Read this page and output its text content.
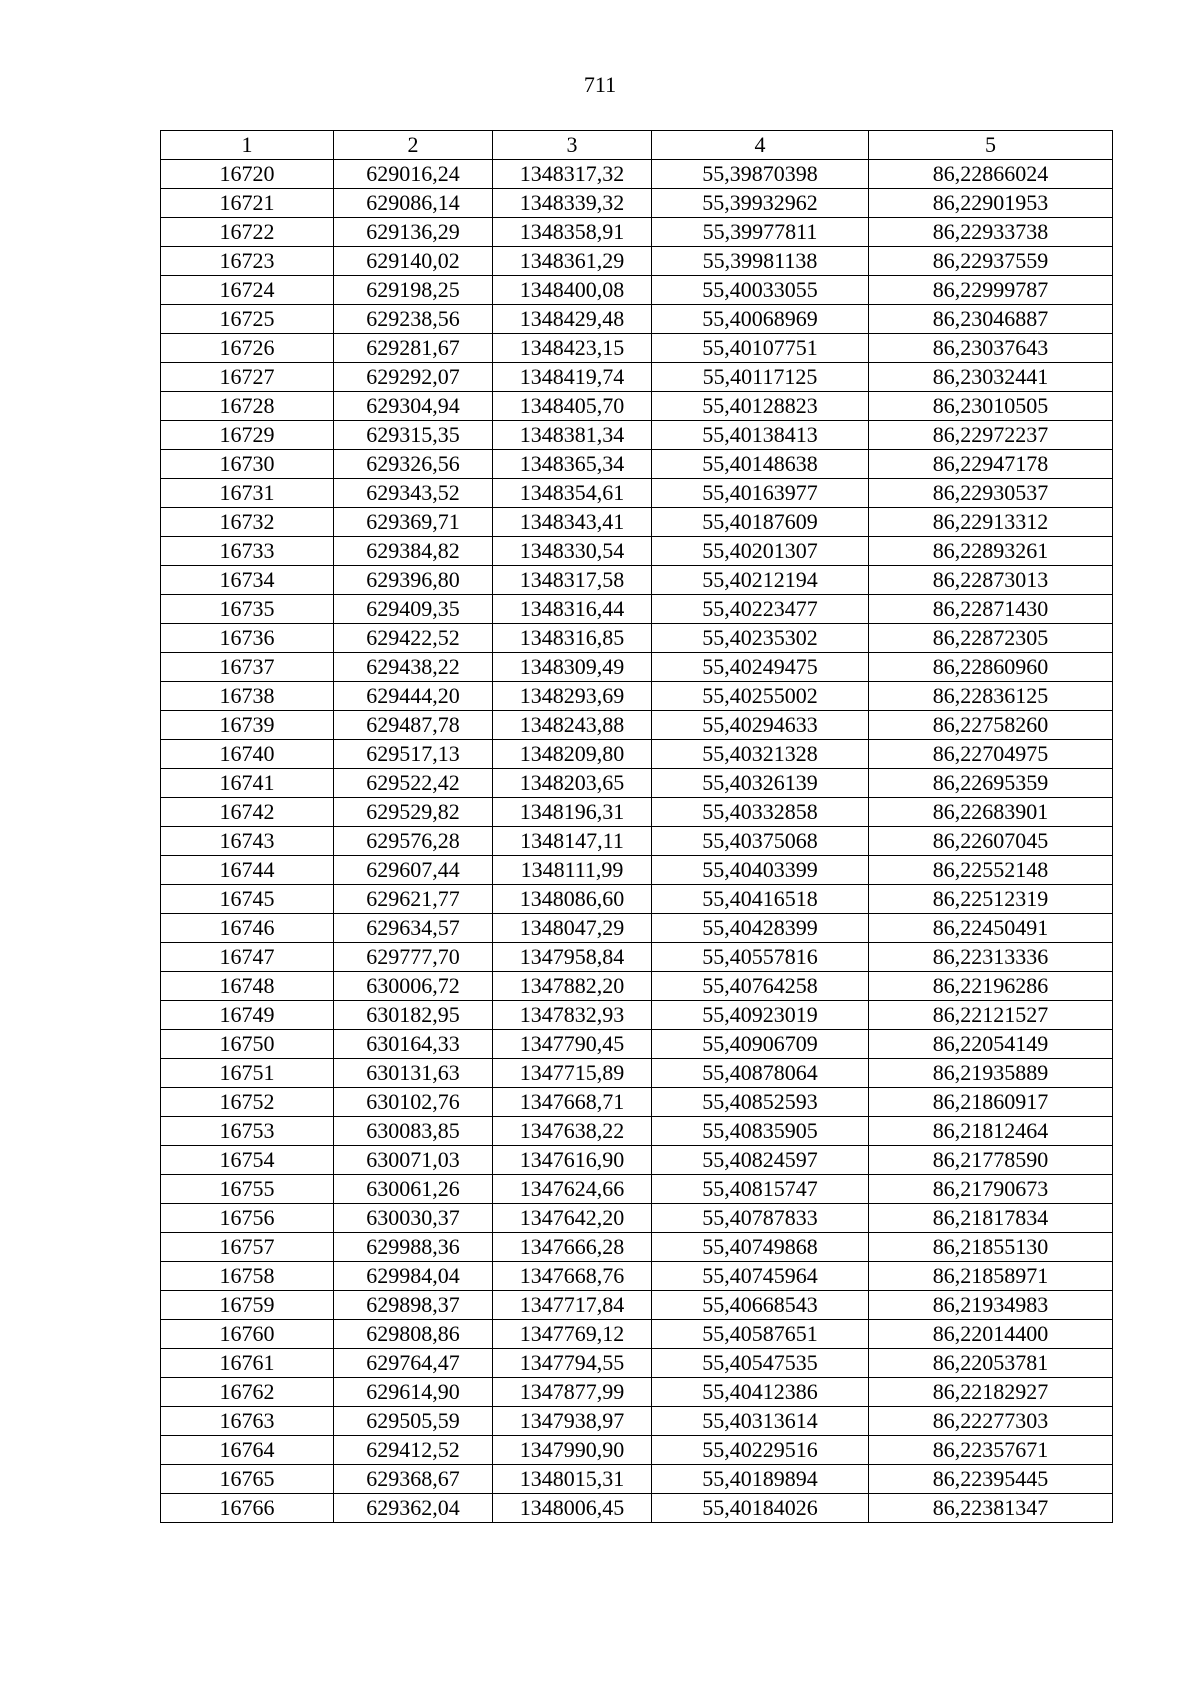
711
1	2	3	4	5
16720	629016,24	1348317,32	55,39870398	86,22866024
16721	629086,14	1348339,32	55,39932962	86,22901953
16722	629136,29	1348358,91	55,39977811	86,22933738
16723	629140,02	1348361,29	55,39981138	86,22937559
16724	629198,25	1348400,08	55,40033055	86,22999787
16725	629238,56	1348429,48	55,40068969	86,23046887
16726	629281,67	1348423,15	55,40107751	86,23037643
16727	629292,07	1348419,74	55,40117125	86,23032441
16728	629304,94	1348405,70	55,40128823	86,23010505
16729	629315,35	1348381,34	55,40138413	86,22972237
16730	629326,56	1348365,34	55,40148638	86,22947178
16731	629343,52	1348354,61	55,40163977	86,22930537
16732	629369,71	1348343,41	55,40187609	86,22913312
16733	629384,82	1348330,54	55,40201307	86,22893261
16734	629396,80	1348317,58	55,40212194	86,22873013
16735	629409,35	1348316,44	55,40223477	86,22871430
16736	629422,52	1348316,85	55,40235302	86,22872305
16737	629438,22	1348309,49	55,40249475	86,22860960
16738	629444,20	1348293,69	55,40255002	86,22836125
16739	629487,78	1348243,88	55,40294633	86,22758260
16740	629517,13	1348209,80	55,40321328	86,22704975
16741	629522,42	1348203,65	55,40326139	86,22695359
16742	629529,82	1348196,31	55,40332858	86,22683901
16743	629576,28	1348147,11	55,40375068	86,22607045
16744	629607,44	1348111,99	55,40403399	86,22552148
16745	629621,77	1348086,60	55,40416518	86,22512319
16746	629634,57	1348047,29	55,40428399	86,22450491
16747	629777,70	1347958,84	55,40557816	86,22313336
16748	630006,72	1347882,20	55,40764258	86,22196286
16749	630182,95	1347832,93	55,40923019	86,22121527
16750	630164,33	1347790,45	55,40906709	86,22054149
16751	630131,63	1347715,89	55,40878064	86,21935889
16752	630102,76	1347668,71	55,40852593	86,21860917
16753	630083,85	1347638,22	55,40835905	86,21812464
16754	630071,03	1347616,90	55,40824597	86,21778590
16755	630061,26	1347624,66	55,40815747	86,21790673
16756	630030,37	1347642,20	55,40787833	86,21817834
16757	629988,36	1347666,28	55,40749868	86,21855130
16758	629984,04	1347668,76	55,40745964	86,21858971
16759	629898,37	1347717,84	55,40668543	86,21934983
16760	629808,86	1347769,12	55,40587651	86,22014400
16761	629764,47	1347794,55	55,40547535	86,22053781
16762	629614,90	1347877,99	55,40412386	86,22182927
16763	629505,59	1347938,97	55,40313614	86,22277303
16764	629412,52	1347990,90	55,40229516	86,22357671
16765	629368,67	1348015,31	55,40189894	86,22395445
16766	629362,04	1348006,45	55,40184026	86,22381347
